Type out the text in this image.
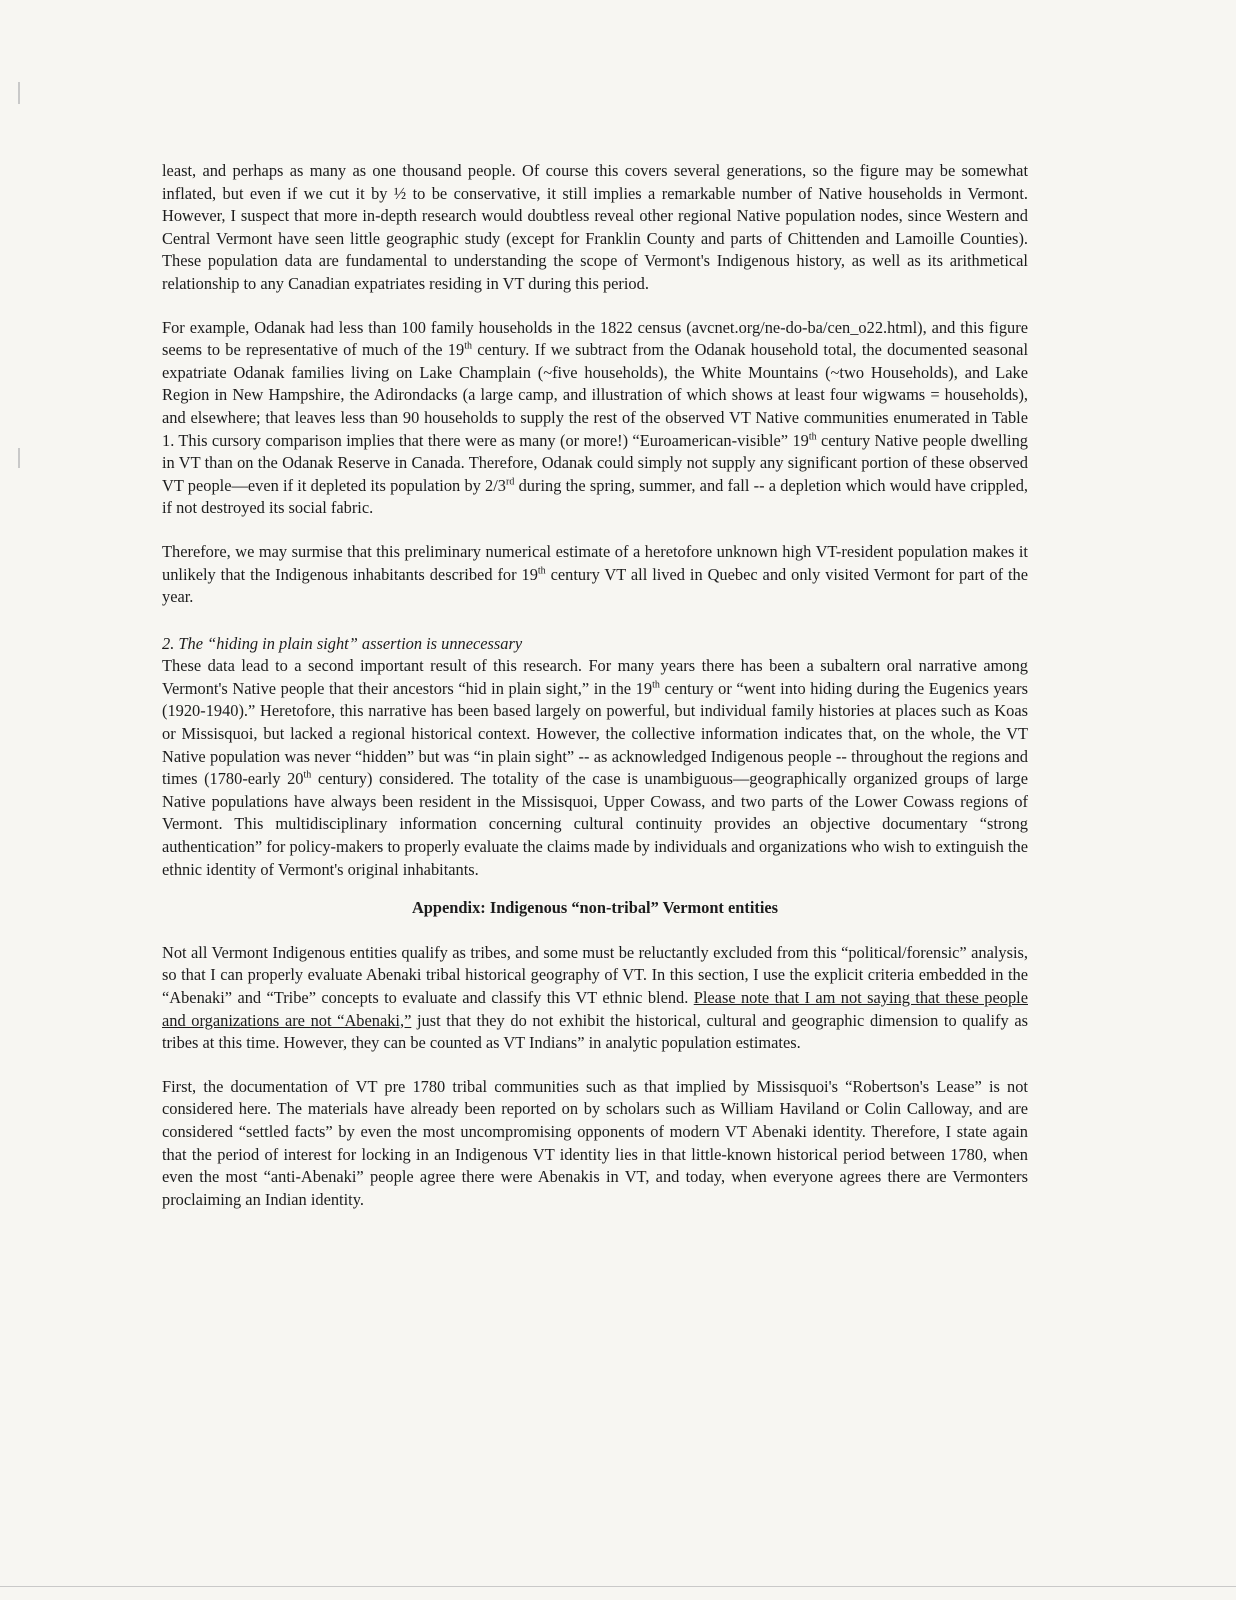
least, and perhaps as many as one thousand people. Of course this covers several generations, so the figure may be somewhat inflated, but even if we cut it by ½ to be conservative, it still implies a remarkable number of Native households in Vermont. However, I suspect that more in-depth research would doubtless reveal other regional Native population nodes, since Western and Central Vermont have seen little geographic study (except for Franklin County and parts of Chittenden and Lamoille Counties). These population data are fundamental to understanding the scope of Vermont's Indigenous history, as well as its arithmetical relationship to any Canadian expatriates residing in VT during this period.

For example, Odanak had less than 100 family households in the 1822 census (avcnet.org/ne-do-ba/cen_o22.html), and this figure seems to be representative of much of the 19th century. If we subtract from the Odanak household total, the documented seasonal expatriate Odanak families living on Lake Champlain (~five households), the White Mountains (~two Households), and Lake Region in New Hampshire, the Adirondacks (a large camp, and illustration of which shows at least four wigwams = households), and elsewhere; that leaves less than 90 households to supply the rest of the observed VT Native communities enumerated in Table 1. This cursory comparison implies that there were as many (or more!) “Euroamerican-visible” 19th century Native people dwelling in VT than on the Odanak Reserve in Canada. Therefore, Odanak could simply not supply any significant portion of these observed VT people—even if it depleted its population by 2/3rd during the spring, summer, and fall -- a depletion which would have crippled, if not destroyed its social fabric.

Therefore, we may surmise that this preliminary numerical estimate of a heretofore unknown high VT-resident population makes it unlikely that the Indigenous inhabitants described for 19th century VT all lived in Quebec and only visited Vermont for part of the year.

2. The “hiding in plain sight” assertion is unnecessary

These data lead to a second important result of this research. For many years there has been a subaltern oral narrative among Vermont's Native people that their ancestors “hid in plain sight,” in the 19th century or “went into hiding during the Eugenics years (1920-1940).” Heretofore, this narrative has been based largely on powerful, but individual family histories at places such as Koas or Missisquoi, but lacked a regional historical context. However, the collective information indicates that, on the whole, the VT Native population was never “hidden” but was “in plain sight” -- as acknowledged Indigenous people -- throughout the regions and times (1780-early 20th century) considered. The totality of the case is unambiguous—geographically organized groups of large Native populations have always been resident in the Missisquoi, Upper Cowass, and two parts of the Lower Cowass regions of Vermont. This multidisciplinary information concerning cultural continuity provides an objective documentary “strong authentication” for policy-makers to properly evaluate the claims made by individuals and organizations who wish to extinguish the ethnic identity of Vermont's original inhabitants.

Appendix: Indigenous “non-tribal” Vermont entities

Not all Vermont Indigenous entities qualify as tribes, and some must be reluctantly excluded from this “political/forensic” analysis, so that I can properly evaluate Abenaki tribal historical geography of VT. In this section, I use the explicit criteria embedded in the “Abenaki” and “Tribe” concepts to evaluate and classify this VT ethnic blend. Please note that I am not saying that these people and organizations are not “Abenaki,” just that they do not exhibit the historical, cultural and geographic dimension to qualify as tribes at this time. However, they can be counted as VT Indians” in analytic population estimates.

First, the documentation of VT pre 1780 tribal communities such as that implied by Missisquoi's “Robertson's Lease” is not considered here. The materials have already been reported on by scholars such as William Haviland or Colin Calloway, and are considered “settled facts” by even the most uncompromising opponents of modern VT Abenaki identity. Therefore, I state again that the period of interest for locking in an Indigenous VT identity lies in that little-known historical period between 1780, when even the most “anti-Abenaki” people agree there were Abenakis in VT, and today, when everyone agrees there are Vermonters proclaiming an Indian identity.
